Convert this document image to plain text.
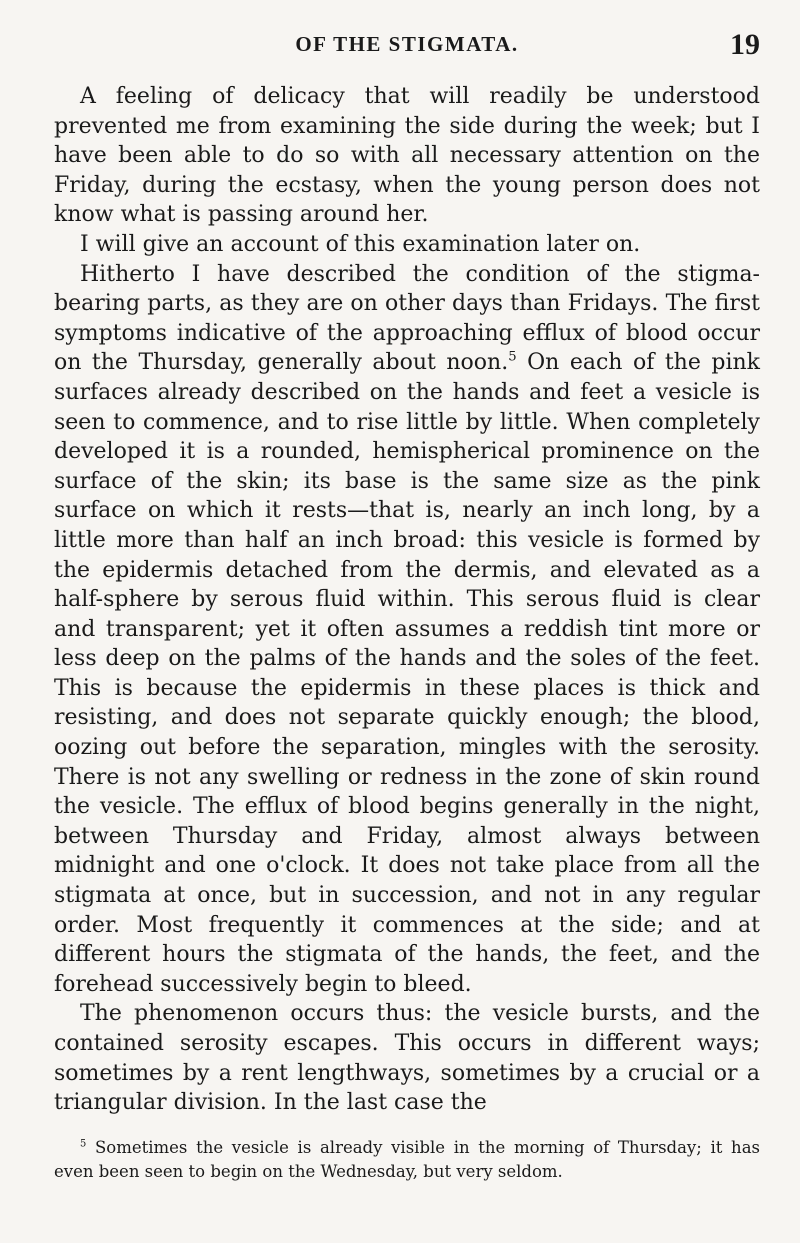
OF THE STIGMATA.	19

A feeling of delicacy that will readily be understood prevented me from examining the side during the week; but I have been able to do so with all necessary attention on the Friday, during the ecstasy, when the young person does not know what is passing around her.

I will give an account of this examination later on.

Hitherto I have described the condition of the stigma-bearing parts, as they are on other days than Fridays. The first symptoms indicative of the approaching efflux of blood occur on the Thursday, generally about noon.$^5$ On each of the pink surfaces already described on the hands and feet a vesicle is seen to commence, and to rise little by little. When completely developed it is a rounded, hemispherical prominence on the surface of the skin; its base is the same size as the pink surface on which it rests—that is, nearly an inch long, by a little more than half an inch broad: this vesicle is formed by the epidermis detached from the dermis, and elevated as a half-sphere by serous fluid within. This serous fluid is clear and transparent; yet it often assumes a reddish tint more or less deep on the palms of the hands and the soles of the feet. This is because the epidermis in these places is thick and resisting, and does not separate quickly enough; the blood, oozing out before the separation, mingles with the serosity. There is not any swelling or redness in the zone of skin round the vesicle. The efflux of blood begins generally in the night, between Thursday and Friday, almost always between midnight and one o'clock. It does not take place from all the stigmata at once, but in succession, and not in any regular order. Most frequently it commences at the side; and at different hours the stigmata of the hands, the feet, and the forehead successively begin to bleed.

The phenomenon occurs thus: the vesicle bursts, and the contained serosity escapes. This occurs in different ways; sometimes by a rent lengthways, sometimes by a crucial or a triangular division. In the last case the

$^5$ Sometimes the vesicle is already visible in the morning of Thursday; it has even been seen to begin on the Wednesday, but very seldom.
